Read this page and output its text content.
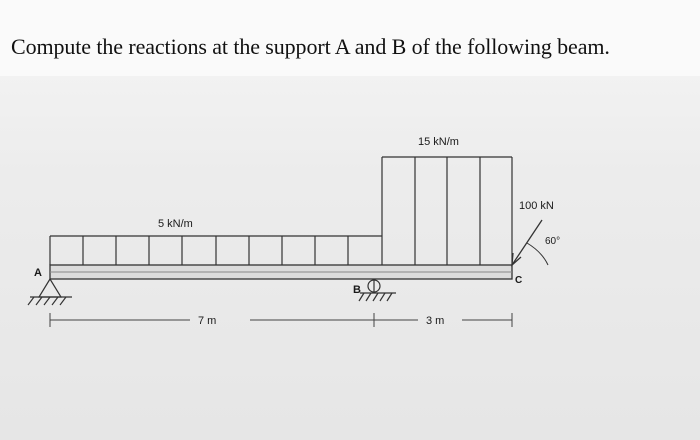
Compute the reactions at the support A and B of the following beam.
5 kN/m
15 kN/m
A
B
C
100 kN
60°
7 m	3 m
